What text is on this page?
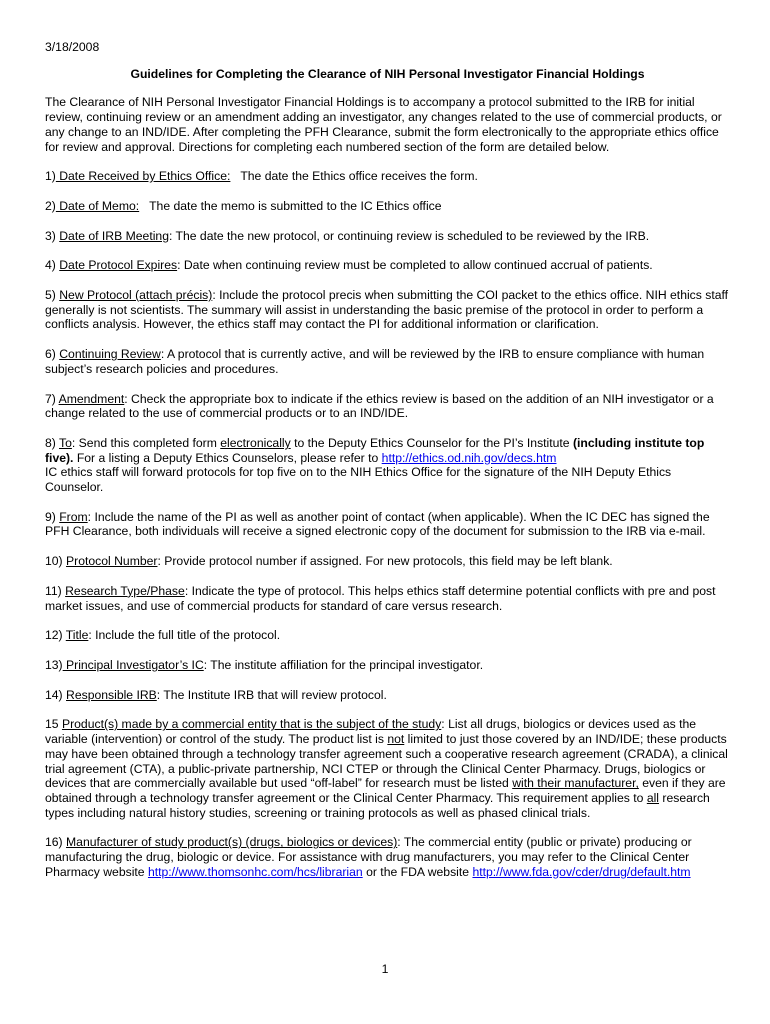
3/18/2008
Guidelines for Completing the Clearance of NIH Personal Investigator Financial Holdings

The Clearance of NIH Personal Investigator Financial Holdings is to accompany a protocol submitted to the IRB for initial review, continuing review or an amendment adding an investigator, any changes related to the use of commercial products, or any change to an IND/IDE. After completing the PFH Clearance, submit the form electronically to the appropriate ethics office for review and approval. Directions for completing each numbered section of the form are detailed below.

1) Date Received by Ethics Office:   The date the Ethics office receives the form.

2) Date of Memo:   The date the memo is submitted to the IC Ethics office

3) Date of IRB Meeting: The date the new protocol, or continuing review is scheduled to be reviewed by the IRB.

4) Date Protocol Expires: Date when continuing review must be completed to allow continued accrual of patients.

5) New Protocol (attach précis): Include the protocol precis when submitting the COI packet to the ethics office. NIH ethics staff generally is not scientists. The summary will assist in understanding the basic premise of the protocol in order to perform a conflicts analysis. However, the ethics staff may contact the PI for additional information or clarification.

6) Continuing Review: A protocol that is currently active, and will be reviewed by the IRB to ensure compliance with human subject’s research policies and procedures.

7) Amendment: Check the appropriate box to indicate if the ethics review is based on the addition of an NIH investigator or a change related to the use of commercial products or to an IND/IDE.

8) To: Send this completed form electronically to the Deputy Ethics Counselor for the PI’s Institute (including institute top five). For a listing a Deputy Ethics Counselors, please refer to http://ethics.od.nih.gov/decs.htm
IC ethics staff will forward protocols for top five on to the NIH Ethics Office for the signature of the NIH Deputy Ethics Counselor.

9) From: Include the name of the PI as well as another point of contact (when applicable). When the IC DEC has signed the PFH Clearance, both individuals will receive a signed electronic copy of the document for submission to the IRB via e-mail.

10) Protocol Number: Provide protocol number if assigned. For new protocols, this field may be left blank.

11) Research Type/Phase: Indicate the type of protocol. This helps ethics staff determine potential conflicts with pre and post market issues, and use of commercial products for standard of care versus research.

12) Title: Include the full title of the protocol.

13) Principal Investigator’s IC: The institute affiliation for the principal investigator.

14) Responsible IRB: The Institute IRB that will review protocol.

15 Product(s) made by a commercial entity that is the subject of the study: List all drugs, biologics or devices used as the variable (intervention) or control of the study. The product list is not limited to just those covered by an IND/IDE; these products may have been obtained through a technology transfer agreement such a cooperative research agreement (CRADA), a clinical trial agreement (CTA), a public-private partnership, NCI CTEP or through the Clinical Center Pharmacy. Drugs, biologics or devices that are commercially available but used “off-label” for research must be listed with their manufacturer, even if they are obtained through a technology transfer agreement or the Clinical Center Pharmacy. This requirement applies to all research types including natural history studies, screening or training protocols as well as phased clinical trials.

16) Manufacturer of study product(s) (drugs, biologics or devices): The commercial entity (public or private) producing or manufacturing the drug, biologic or device. For assistance with drug manufacturers, you may refer to the Clinical Center Pharmacy website http://www.thomsonhc.com/hcs/librarian or the FDA website http://www.fda.gov/cder/drug/default.htm

1
